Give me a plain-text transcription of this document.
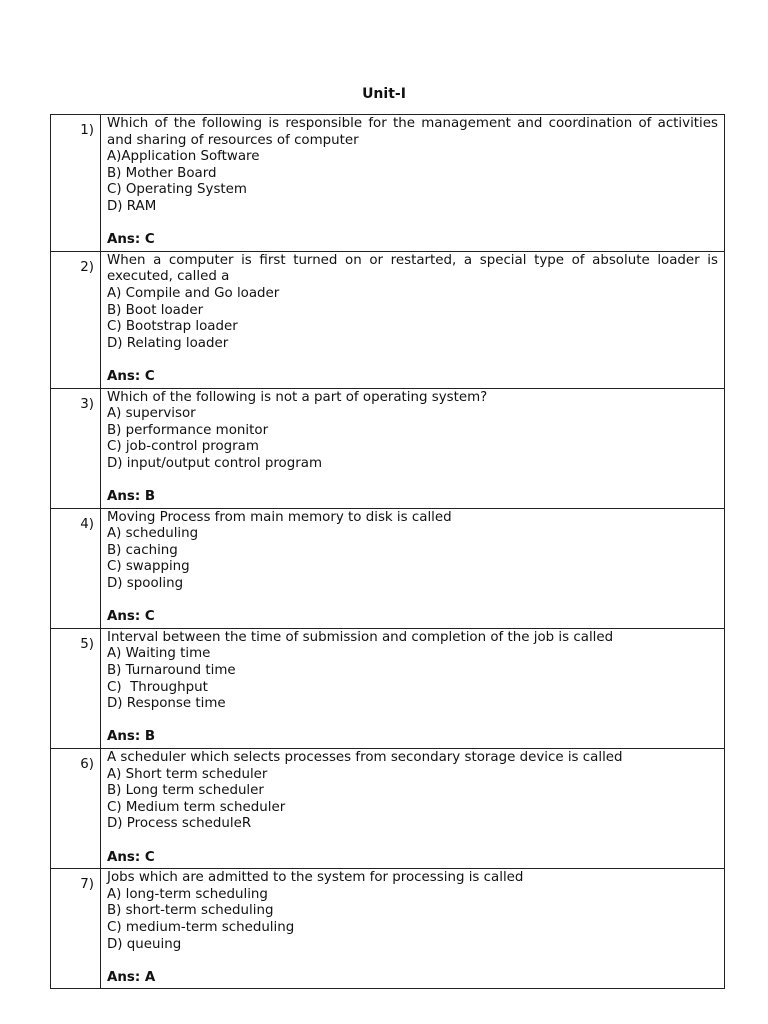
Unit-I
1) Which of the following is responsible for the management and coordination of activities and sharing of resources of computer
A)Application Software
B) Mother Board
C) Operating System
D) RAM
Ans: C
2) When a computer is first turned on or restarted, a special type of absolute loader is executed, called a
A) Compile and Go loader
B) Boot loader
C) Bootstrap loader
D) Relating loader
Ans: C
3) Which of the following is not a part of operating system?
A) supervisor
B) performance monitor
C) job-control program
D) input/output control program
Ans: B
4) Moving Process from main memory to disk is called
A) scheduling
B) caching
C) swapping
D) spooling
Ans: C
5) Interval between the time of submission and completion of the job is called
A) Waiting time
B) Turnaround time
C)  Throughput
D) Response time
Ans: B
6) A scheduler which selects processes from secondary storage device is called
A) Short term scheduler
B) Long term scheduler
C) Medium term scheduler
D) Process scheduleR
Ans: C
7) Jobs which are admitted to the system for processing is called
A) long-term scheduling
B) short-term scheduling
C) medium-term scheduling
D) queuing
Ans: A
